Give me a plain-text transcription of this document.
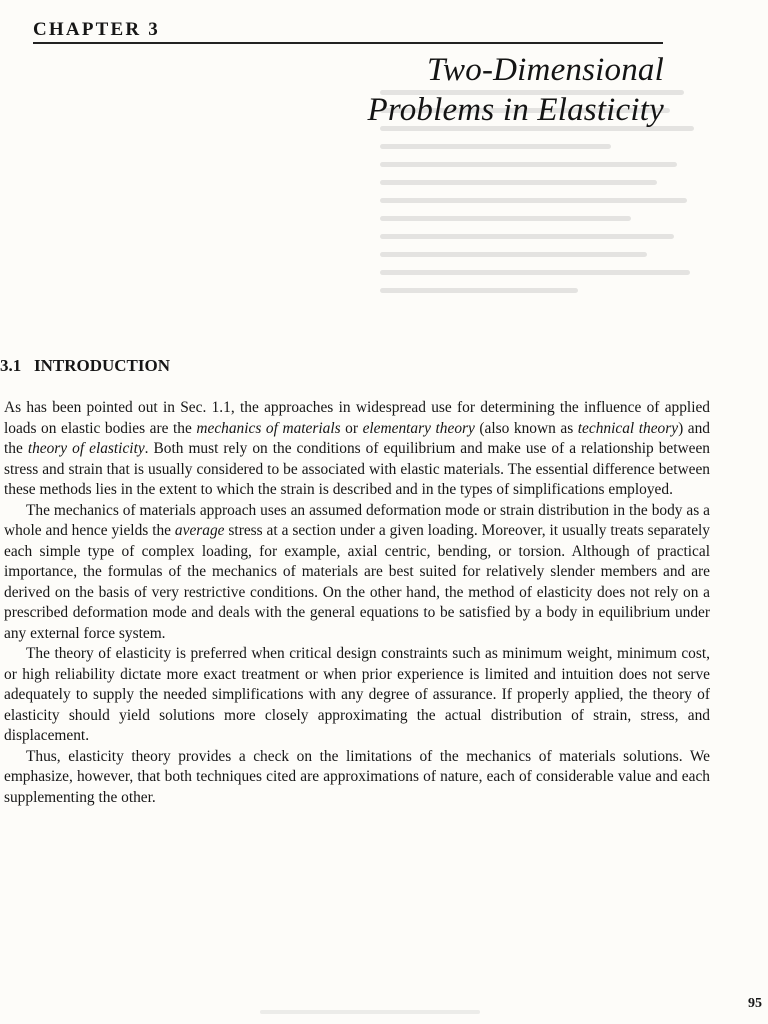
CHAPTER 3
Two-Dimensional
Problems in Elasticity
3.1 INTRODUCTION

As has been pointed out in Sec. 1.1, the approaches in widespread use for determining the influence of applied loads on elastic bodies are the mechanics of materials or elementary theory (also known as technical theory) and the theory of elasticity. Both must rely on the conditions of equilibrium and make use of a relationship between stress and strain that is usually considered to be associated with elastic materials. The essential difference between these methods lies in the extent to which the strain is described and in the types of simplifications employed.

The mechanics of materials approach uses an assumed deformation mode or strain distribution in the body as a whole and hence yields the average stress at a section under a given loading. Moreover, it usually treats separately each simple type of complex loading, for example, axial centric, bending, or torsion. Although of practical importance, the formulas of the mechanics of materials are best suited for relatively slender members and are derived on the basis of very restrictive conditions. On the other hand, the method of elasticity does not rely on a prescribed deformation mode and deals with the general equations to be satisfied by a body in equilibrium under any external force system.

The theory of elasticity is preferred when critical design constraints such as minimum weight, minimum cost, or high reliability dictate more exact treatment or when prior experience is limited and intuition does not serve adequately to supply the needed simplifications with any degree of assurance. If properly applied, the theory of elasticity should yield solutions more closely approximating the actual distribution of strain, stress, and displacement.

Thus, elasticity theory provides a check on the limitations of the mechanics of materials solutions. We emphasize, however, that both techniques cited are approximations of nature, each of considerable value and each supplementing the other.

95
